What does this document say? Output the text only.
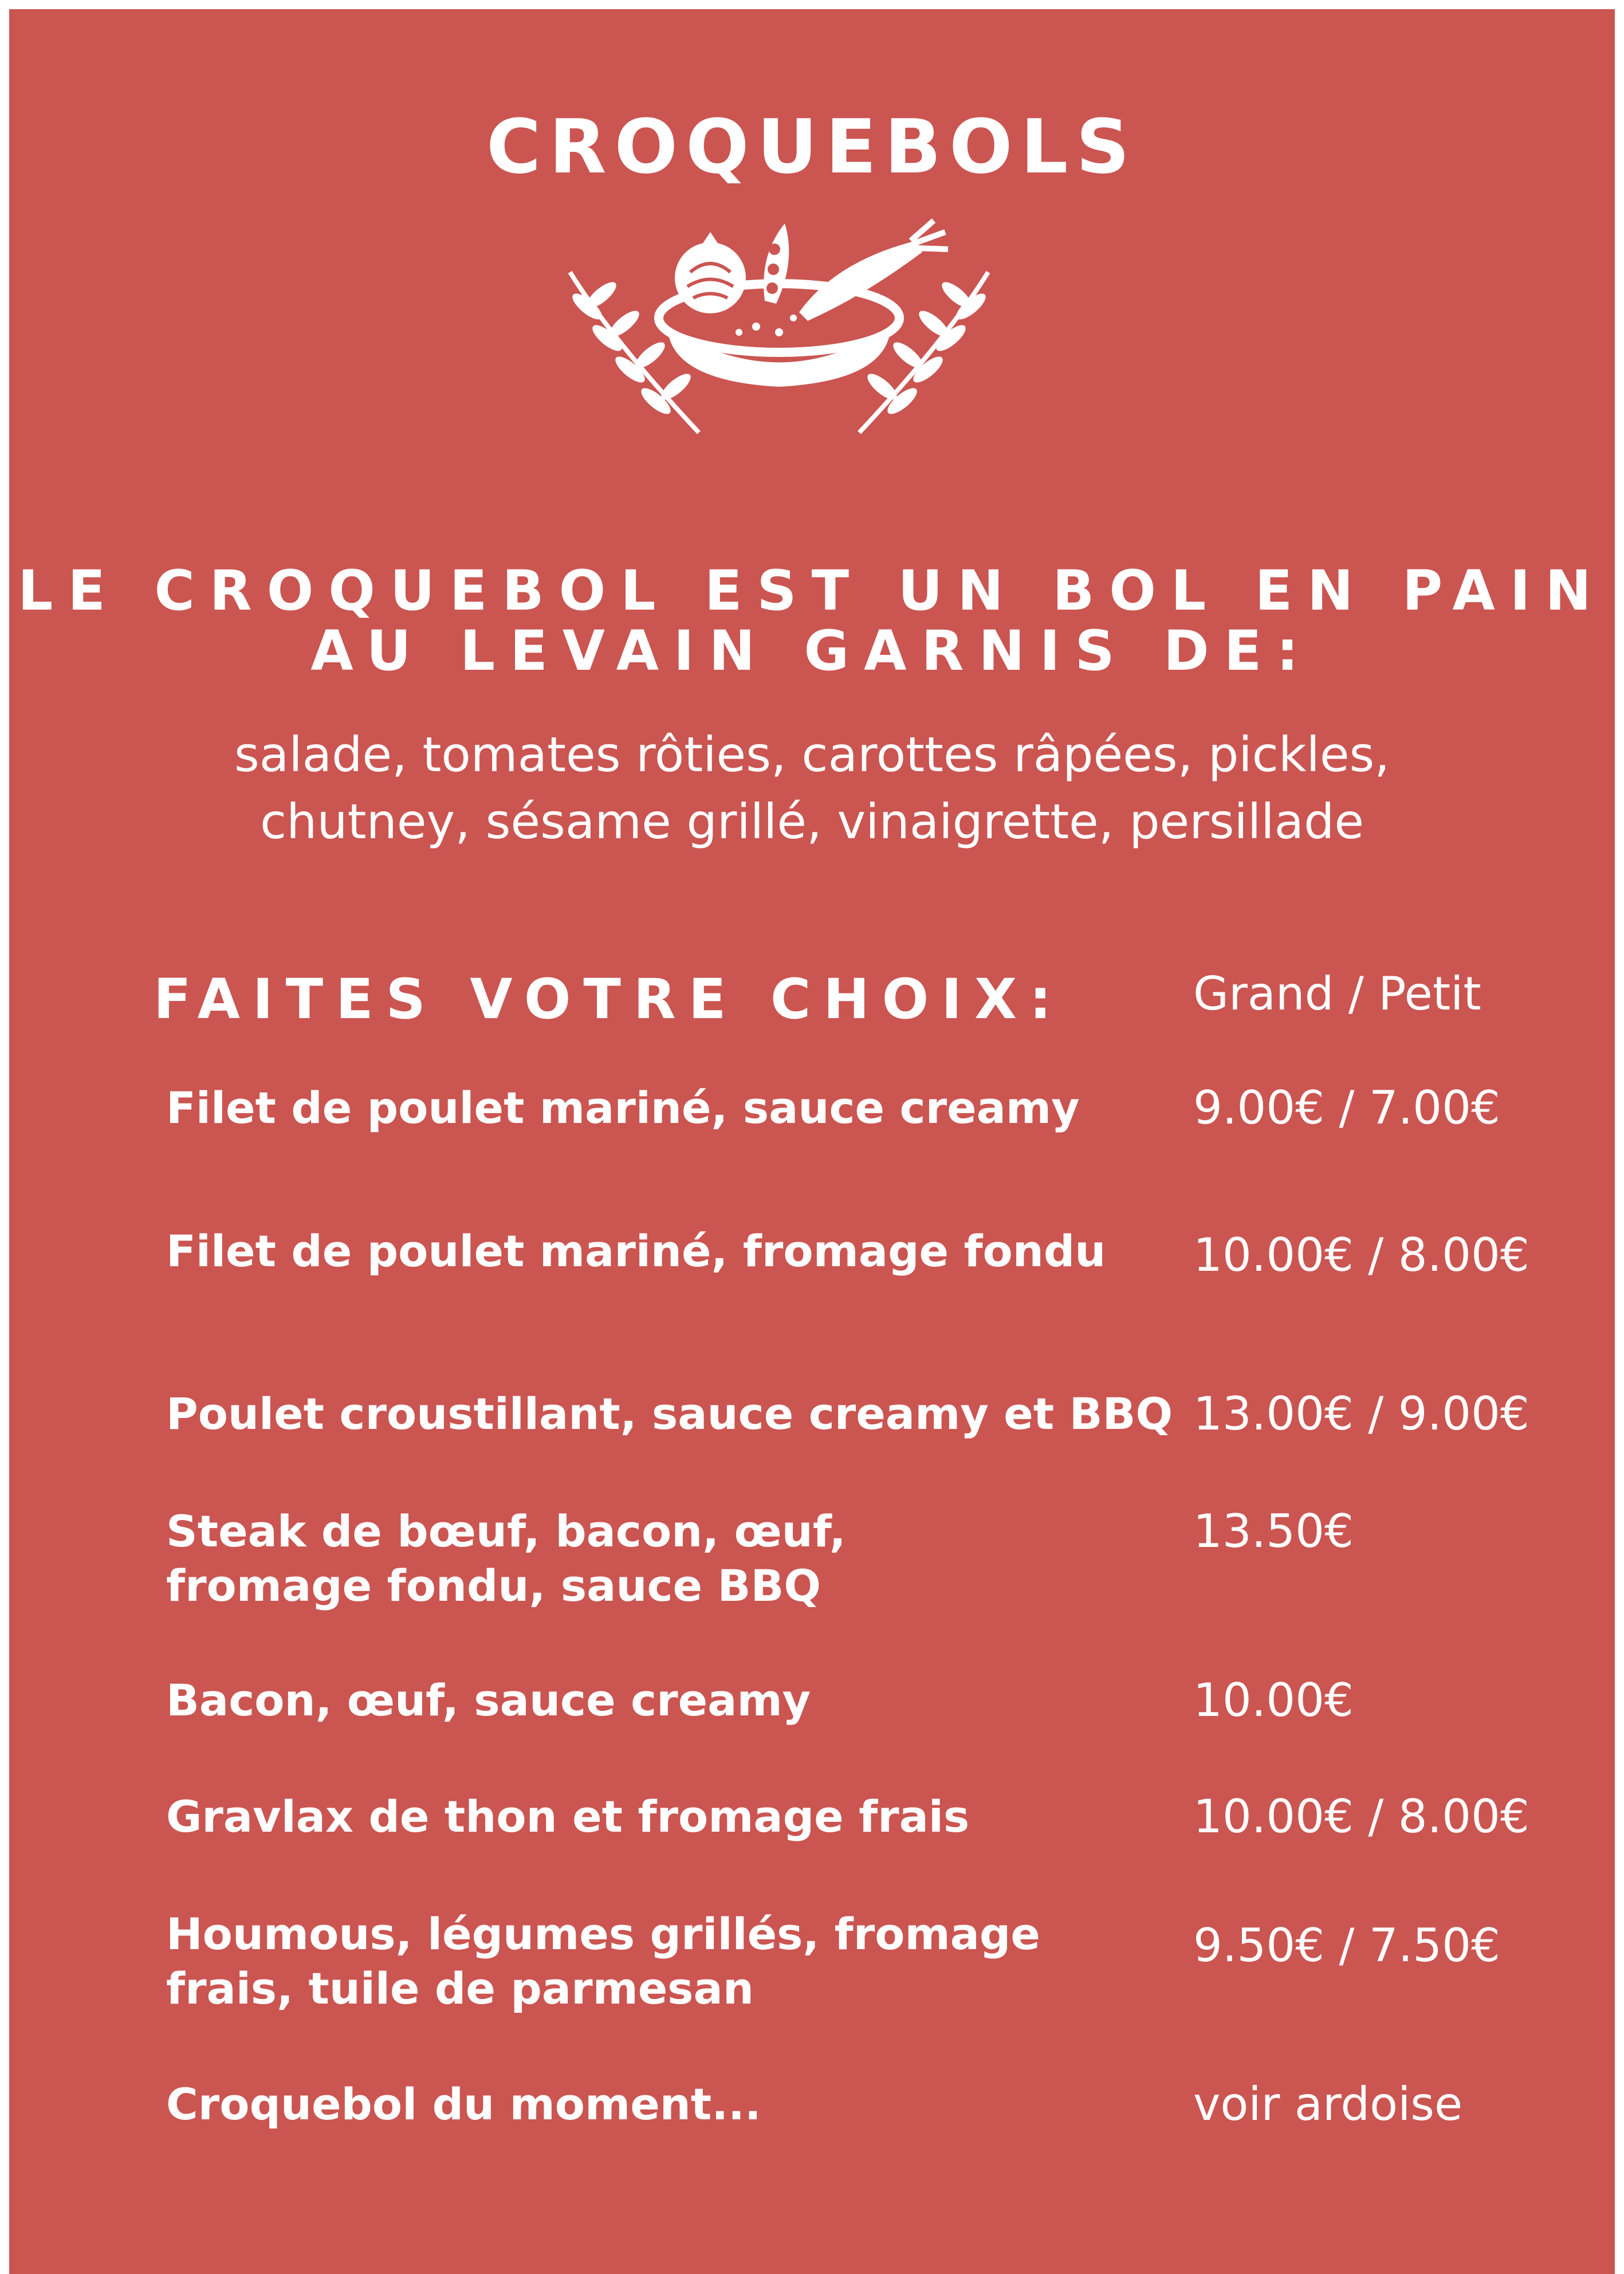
CROQUEBOLS
LE CROQUEBOL EST UN BOL EN PAIN
AU LEVAIN GARNIS DE:
salade, tomates rôties, carottes râpées, pickles,
chutney, sésame grillé, vinaigrette, persillade
FAITES VOTRE CHOIX:	Grand / Petit
Filet de poulet mariné, sauce creamy 9.00€ / 7.00€
Filet de poulet mariné, fromage fondu 10.00€ / 8.00€
Poulet croustillant, sauce creamy et BBQ 13.00€ / 9.00€
Steak de bœuf, bacon, œuf,
fromage fondu, sauce BBQ
13.50€
Bacon, œuf, sauce creamy	10.00€
Gravlax de thon et fromage frais	10.00€ / 8.00€
Houmous, légumes grillés, fromage
frais, tuile de parmesan
9.50€ / 7.50€
Croquebol du moment...	voir ardoise
